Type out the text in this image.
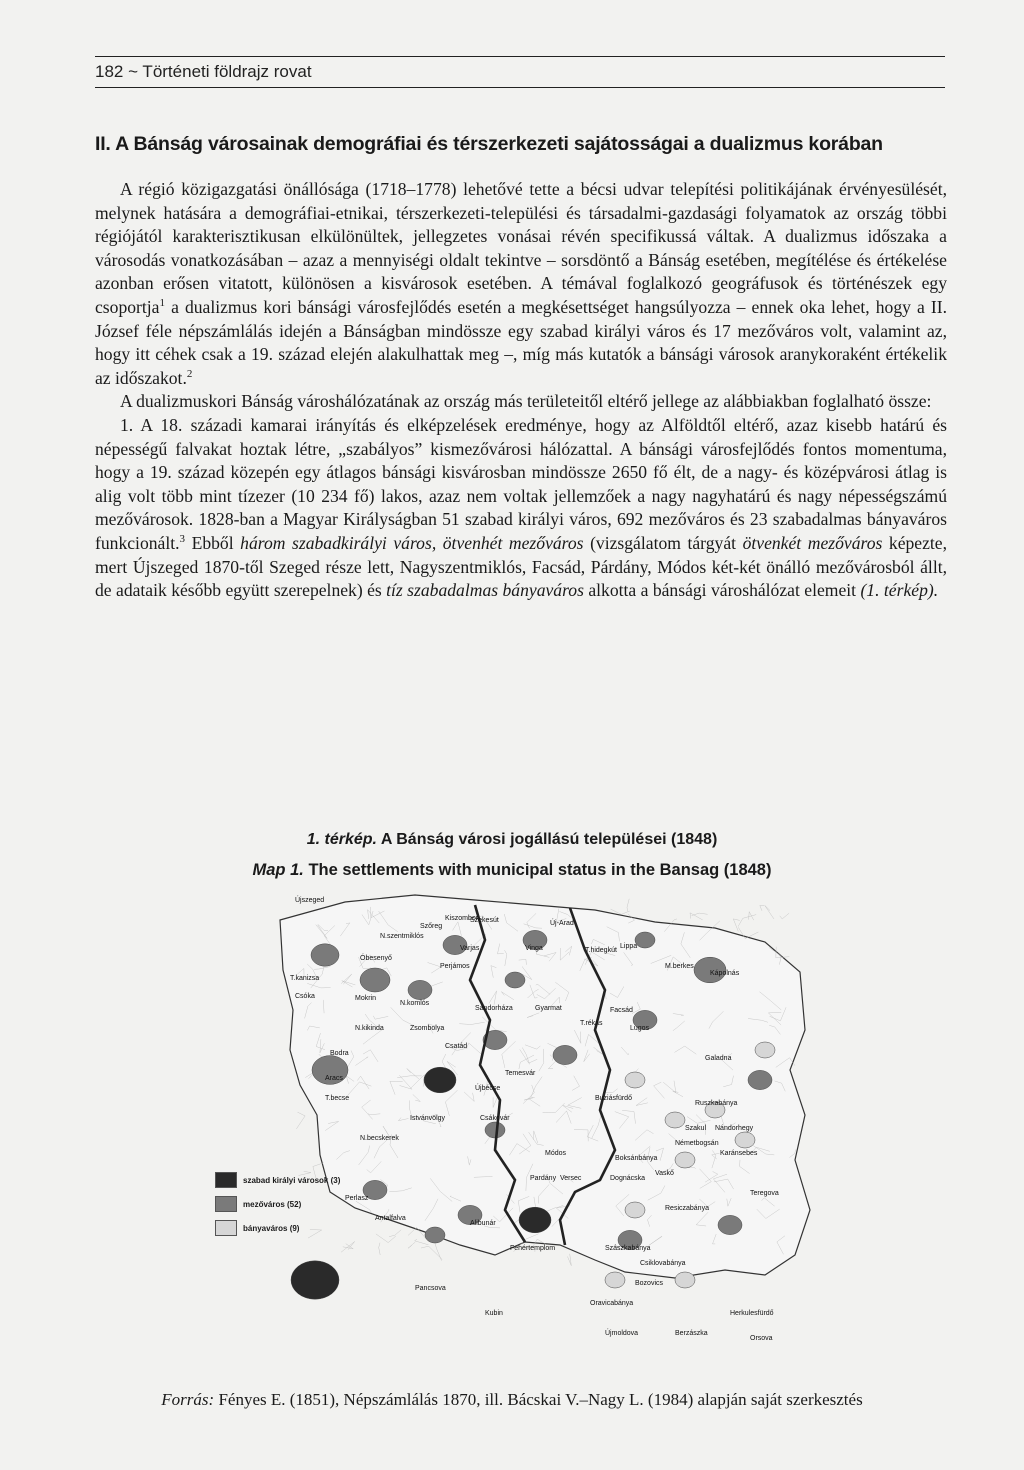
182 ~ Történeti földrajz rovat
II. A Bánság városainak demográfiai és térszerkezeti sajátosságai a dualizmus korában

A régió közigazgatási önállósága (1718–1778) lehetővé tette a bécsi udvar telepítési politikájának érvényesülését, melynek hatására a demográfiai-etnikai, térszerkezeti-települési és társadalmi-gazdasági folyamatok az ország többi régiójától karakterisztikusan elkülönültek, jellegzetes vonásai révén specifikussá váltak. A dualizmus időszaka a városodás vonatkozásában – azaz a mennyiségi oldalt tekintve – sorsdöntő a Bánság esetében, megítélése és értékelése azonban erősen vitatott, különösen a kisvárosok esetében. A témával foglalkozó geográfusok és történészek egy csoportja$^1$ a dualizmus kori bánsági városfejlődés esetén a megkésettséget hangsúlyozza – ennek oka lehet, hogy a II. József féle népszámlálás idején a Bánságban mindössze egy szabad királyi város és 17 mezőváros volt, valamint az, hogy itt céhek csak a 19. század elején alakulhattak meg –, míg más kutatók a bánsági városok aranykoraként értékelik az időszakot.$^2$

A dualizmuskori Bánság városhálózatának az ország más területeitől eltérő jellege az alábbiakban foglalható össze:

1. A 18. századi kamarai irányítás és elképzelések eredménye, hogy az Alföldtől eltérő, azaz kisebb határú és népességű falvakat hoztak létre, „szabályos” kismezővárosi hálózattal. A bánsági városfejlődés fontos momentuma, hogy a 19. század közepén egy átlagos bánsági kisvárosban mindössze 2650 fő élt, de a nagy- és középvárosi átlag is alig volt több mint tízezer (10 234 fő) lakos, azaz nem voltak jellemzőek a nagy nagyhatárú és nagy népességszámú mezővárosok. 1828-ban a Magyar Királyságban 51 szabad királyi város, 692 mezőváros és 23 szabadalmas bányaváros funkcionált.$^3$ Ebből három szabadkirályi város, ötvenhét mezőváros (vizsgálatom tárgyát ötvenkét mezőváros képezte, mert Újszeged 1870-től Szeged része lett, Nagyszentmiklós, Facsád, Párdány, Módos két-két önálló mezővárosból állt, de adataik később együtt szerepelnek) és tíz szabadalmas bányaváros alkotta a bánsági városhálózat elemeit (1. térkép).

1. térkép. A Bánság városi jogállású települései (1848)
Map 1. The settlements with municipal status in the Bansag (1848)
Újszeged
N.szentmiklós
Szőreg
Kiszombor
Óbesenyő
T.kanizsa
Csóka	Mokrin
N.komlós
Zsombolya
Perjámos
Varjas
Szekesút
Vinga
Új-Arad
T.hidegkút
Lippa
M.berkes
Kápolnás
N.kikinda
Csatád
Sándorháza	Gyarmat
Temesvár
T.rékás
Facsád
Lugos
Galadna
Bodra
Aracs
T.becse
Istvánvölgy
Újbécse
Csákovár
Buziásfürdő
Ruszkabánya
Szakul Nándorhegy
Németbogsán
N.becskerek
Módos
Boksánbánya
Karánsebes
Dognácska
Vaskő
Resiczabánya
Pardány Versec
Teregova
Perlasz
Antalfalva
Alibunár
Fehértemplom	Szászkabánya
Csiklovabánya
Bozovics
Pancsova
Oravicabánya
Kubin
Újmoldova	Berzászka
Herkulesfürdő
Orsova
szabad királyi városok (3)
mezőváros (52)
bányaváros (9)
Forrás: Fényes E. (1851), Népszámlálás 1870, ill. Bácskai V.–Nagy L. (1984) alapján saját szerkesztés
